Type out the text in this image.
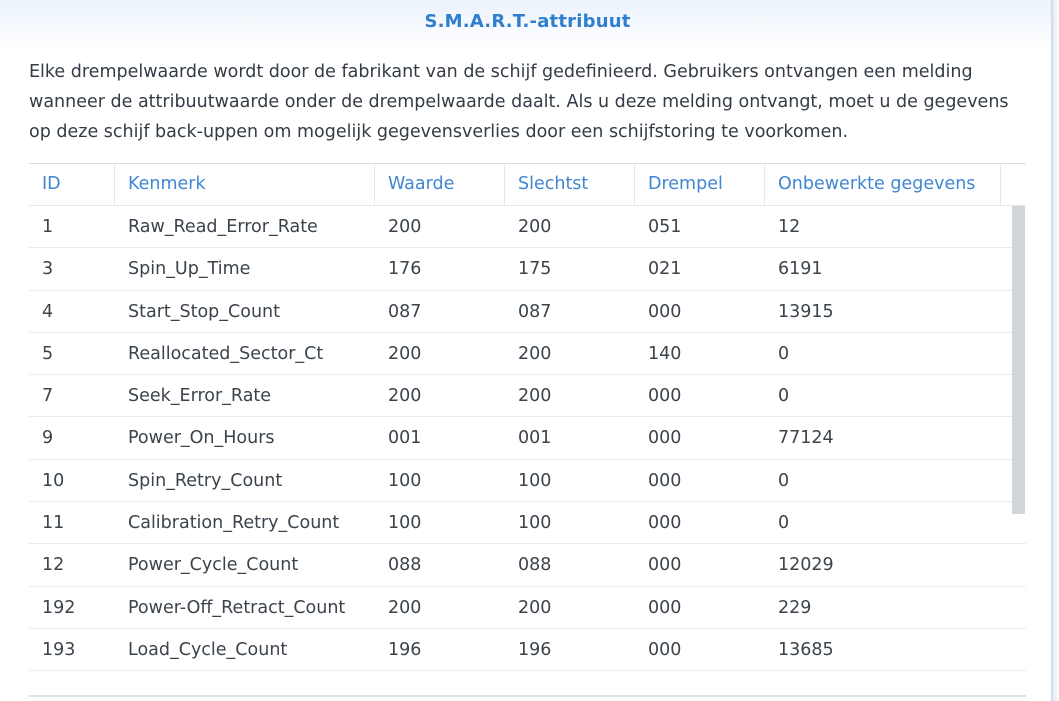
S.M.A.R.T.-attribuut
Elke drempelwaarde wordt door de fabrikant van de schijf gedefinieerd. Gebruikers ontvangen een melding wanneer de attribuutwaarde onder de drempelwaarde daalt. Als u deze melding ontvangt, moet u de gegevens op deze schijf back-uppen om mogelijk gegevensverlies door een schijfstoring te voorkomen.
ID	Kenmerk	Waarde	Slechtst	Drempel	Onbewerkte gegevens
1	Raw_Read_Error_Rate	200	200	051	12
3	Spin_Up_Time	176	175	021	6191
4	Start_Stop_Count	087	087	000	13915
5	Reallocated_Sector_Ct	200	200	140	0
7	Seek_Error_Rate	200	200	000	0
9	Power_On_Hours	001	001	000	77124
10	Spin_Retry_Count	100	100	000	0
11	Calibration_Retry_Count	100	100	000	0
12	Power_Cycle_Count	088	088	000	12029
192	Power-Off_Retract_Count	200	200	000	229
193	Load_Cycle_Count	196	196	000	13685
